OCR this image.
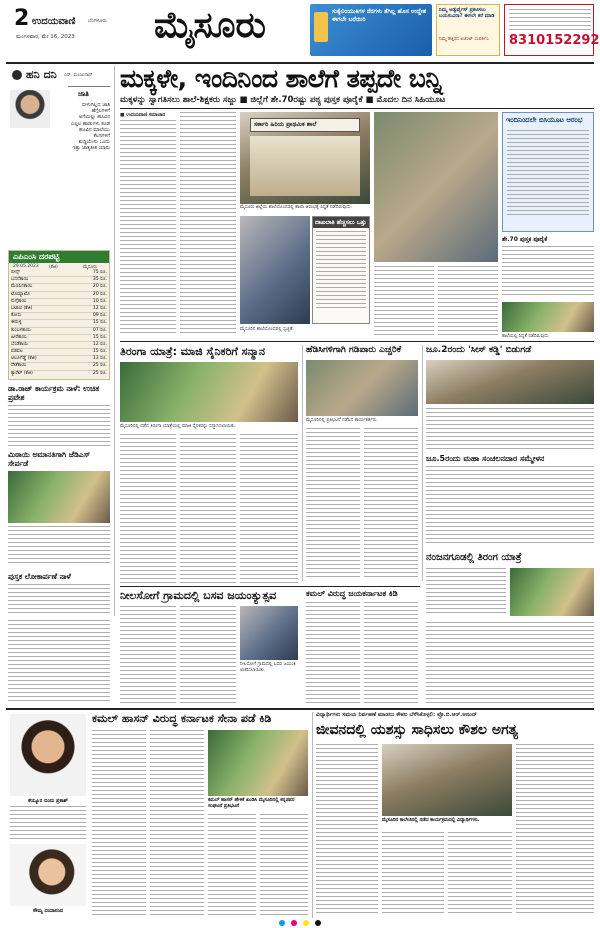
2 ಉದಯವಾಣಿ	ಬೆಂಗಳೂರು
ಮಂಗಳವಾರ, ಮೇ 16, 2023 ಮೈಸೂರು	ಸುಕ್ಕೆಲಿಂಯುಕಿಗಳ ನೆರಗಳು ತೆಗಿಲ್ಲ ಹೊಸ ಉದ್ದೇಶ ಈಗಲೇ ಬರೆಯಿರಿ
ನಿಮ್ಮ ಅಡ್ವೆರ್ಟೈಸ್ ಪ್ರಕಟಿಸಲು ಬಯಸುವಿರಾ? ಈಗಲೇ ಕರೆ ಮಾಡಿ
ನಿಮ್ಮ ಹತ್ತಿರದ ಏಜೆಂಟ್ ಸಂಪರ್ಕಿಸಿ	8310152292
ಹನಿ ದನಿ ಎಸ್. ಮಂಜುನಾಥ್
ಜಾತಿ
ಬೀಳುಗಿಲ್ಲದ ಜಾತಿ
ಹೆಗ್ಗೆಲಗಳಿಗೆ
ಅಗೆಯಲ್ಲು ಹೂವಿನ
ಎಲ್ಲಲ ಹಾಡುಗಳು ಕೂಡ
ಹೂವಿನ ಮಾಲೆಯು
ಕೆಲಸಗಳಿಗೆ
ಶುದ್ಧಿಯೇನು ಒಂದು
ಇತ್ತು ಜಾತ್ಯತೀತ ಯಾರು
ಎಪಿಎಂಸಿ ದರಪಟ್ಟಿ
29.05.2023 (ಕೆಜಿ)	ಮೈಸೂರು
ಬೀನ್ಸ್	75 ರೂ.
ಬದನೆಕಾಯಿ	35 ರೂ.
ಮೆಣಸಿನಕಾಯಿ	20 ರೂ.
ಟೊಮ್ಯಾಟೊ	20 ರೂ.
ನುಗ್ಗೆಕಾಯಿ	10 ರೂ.
ಬಟಾಣಿ (ಕೆಜಿ)	12 ರೂ.
ಕೋಸು	09 ರೂ.
ಈರುಳ್ಳಿ	15 ರೂ.
ಕುಂಬಳಕಾಯಿ	07 ರೂ.
ಹೀರೆಕಾಯಿ	15 ರೂ.
ಬೆಂಡೆಕಾಯಿ	12 ರೂ.
ಪಡವಲ	15 ರೂ.
ಆಲೂಗೆಡ್ಡೆ (ಕೆಜಿ)	13 ರೂ.
ಸೌತೆಕಾಯಿ	25 ರೂ.
ಕ್ಯಾರೆಟ್ (ಕೆಜಿ)	25 ರೂ.
ಡಾ.ರಾಜ್ ಕಾರ್ಯಕ್ರಮ ನಾಳೆ: ಉಚಿತ ಪ್ರವೇಶ
ಮಿಠಾಯಿ ಅಮಾನತಿಗಾಗಿ ಜೆಡಿಎಸ್ ಸೇರ್ಪಡೆ
ಪುಸ್ತಕ ಲೋಕಾರ್ಪಣೆ ನಾಳೆ
ಮಕ್ಕಳೇ, ಇಂದಿನಿಂದ ಶಾಲೆಗೆ ತಪ್ಪದೇ ಬನ್ನಿ
ಮಕ್ಕಳನ್ನು ಸ್ವಾಗತಿಸಲು ಶಾಲೆ-ಶಿಕ್ಷಕರು ಸಜ್ಜು ■ ಜಿಲ್ಲೆಗೆ ಶೇ.70ರಷ್ಟು ಪಠ್ಯ ಪುಸ್ತಕ ಪೂರೈಕೆ ■ ಮೊದಲ ದಿನ ಸಿಹಿಯೂಟ
■ ಉದಯವಾಣಿ ಸಮಾಚಾರ
ಸರ್ಕಾರಿ ಹಿರಿಯ ಪ್ರಾಥಮಿಕ ಶಾಲೆ
ಮೈಸೂರು ಜಿಲ್ಲೆಯ ಶಾಲೆಯೊಂದರಲ್ಲಿ ಶಾಲಾ ಆರಂಭಕ್ಕೆ ಸಿದ್ಧತೆ ನಡೆದಿರುವುದು.
ಮೈಸೂರಿನ ಶಾಲೆಯೊಂದರಲ್ಲಿ ಸ್ವಚ್ಛತೆ.
ದಾಖಲಾತಿ ಹೆಚ್ಚಿಸಲು ಒತ್ತು
ಇಂದಿನಿಂದಲೇ ಬಿಸಿಯೂಟ ಆರಂಭ
ಶೇ.70 ಪುಸ್ತಕ ಪೂರೈಕೆ
ಶಾಲೆಯಲ್ಲಿ ಸಿದ್ಧತೆ ನಡೆದಿರುವುದು
ತಿರಂಗಾ ಯಾತ್ರೆ: ಮಾಜಿ ಸೈನಿಕರಿಗೆ ಸನ್ಮಾನ
ಮೈಸೂರಿನಲ್ಲಿ ನಡೆದ ತಿರಂಗಾ ಯಾತ್ರೆಯಲ್ಲಿ ಮಾಜಿ ಸೈನಿಕರನ್ನು ಸನ್ಮಾನಿಸಲಾಯಿತು.
ಹೆಡಿಸಿಗಳಿಗಾಗಿ ಗಡಿಪಾರು ಎಚ್ಚರಿಕೆ
ಮೈಸೂರಿನಲ್ಲಿ ಪ್ರತಿಭಟನೆ ನಡೆಸಿದ ಕಾರ್ಯಕರ್ತರು.
ಜೂ.2ರಂದು 'ಸೀಸ್ ಕಡ್ಡಿ' ಬಿಡುಗಡೆ
ಜೂ.5ರಂದು ಮಹಾ ಸಂಚಲನದಾರ ಸಮ್ಮೇಳನ
ನಂಜನಗೂಡಲ್ಲಿ ತಿರಂಗ ಯಾತ್ರೆ
ನೀಲಸೋಗೆ ಗ್ರಾಮದಲ್ಲಿ ಬಸವ ಜಯಂತ್ಯುತ್ಸವ
ನೀಲಸೋಗೆ ಗ್ರಾಮದಲ್ಲಿ ಬಸವ ಜಯಂತಿ ಆಚರಿಸಲಾಯಿತು.
ಕಮಲ್ ವಿರುದ್ಧ ಜಯಕರ್ನಾಟಕ ಕಿಡಿ
ಕಮಲ್ ಹಾಸನ್ ವಿರುದ್ಧ ಕರ್ನಾಟಕ ಸೇನಾ ಪಡೆ ಕಿಡಿ
ಕೆಯ್ಯೂರ ಬಿಂದು ಪ್ರಕಾಶ್
ಸೌಮ್ಯ ದಯಾನಂದ
ಕಮಲ್ ಹಾಸನ್ ಹೇಳಿಕೆ ಖಂಡಿಸಿ ಮೈಸೂರಿನಲ್ಲಿ ಕನ್ನಡಪರ ಸಂಘಟನೆ ಪ್ರತಿಭಟನೆ
ವಿದ್ಯಾರ್ಥಿಗಳು ಸಮಯ ನಿರ್ವಹಣೆ ಮಾಡಲು ಕೌಶಲ ಬೆಳೆಸಿಕೊಳ್ಳಲಿ: ಪ್ರೊ.ಬಿ.ಆರ್.ಆನಂದ್
ಜೀವನದಲ್ಲಿ ಯಶಸ್ಸು ಸಾಧಿಸಲು ಕೌಶಲ ಅಗತ್ಯ
ಮೈಸೂರಿನ ಕಾಲೇಜಿನಲ್ಲಿ ನಡೆದ ಕಾರ್ಯಕ್ರಮದಲ್ಲಿ ವಿದ್ಯಾರ್ಥಿಗಳು.
